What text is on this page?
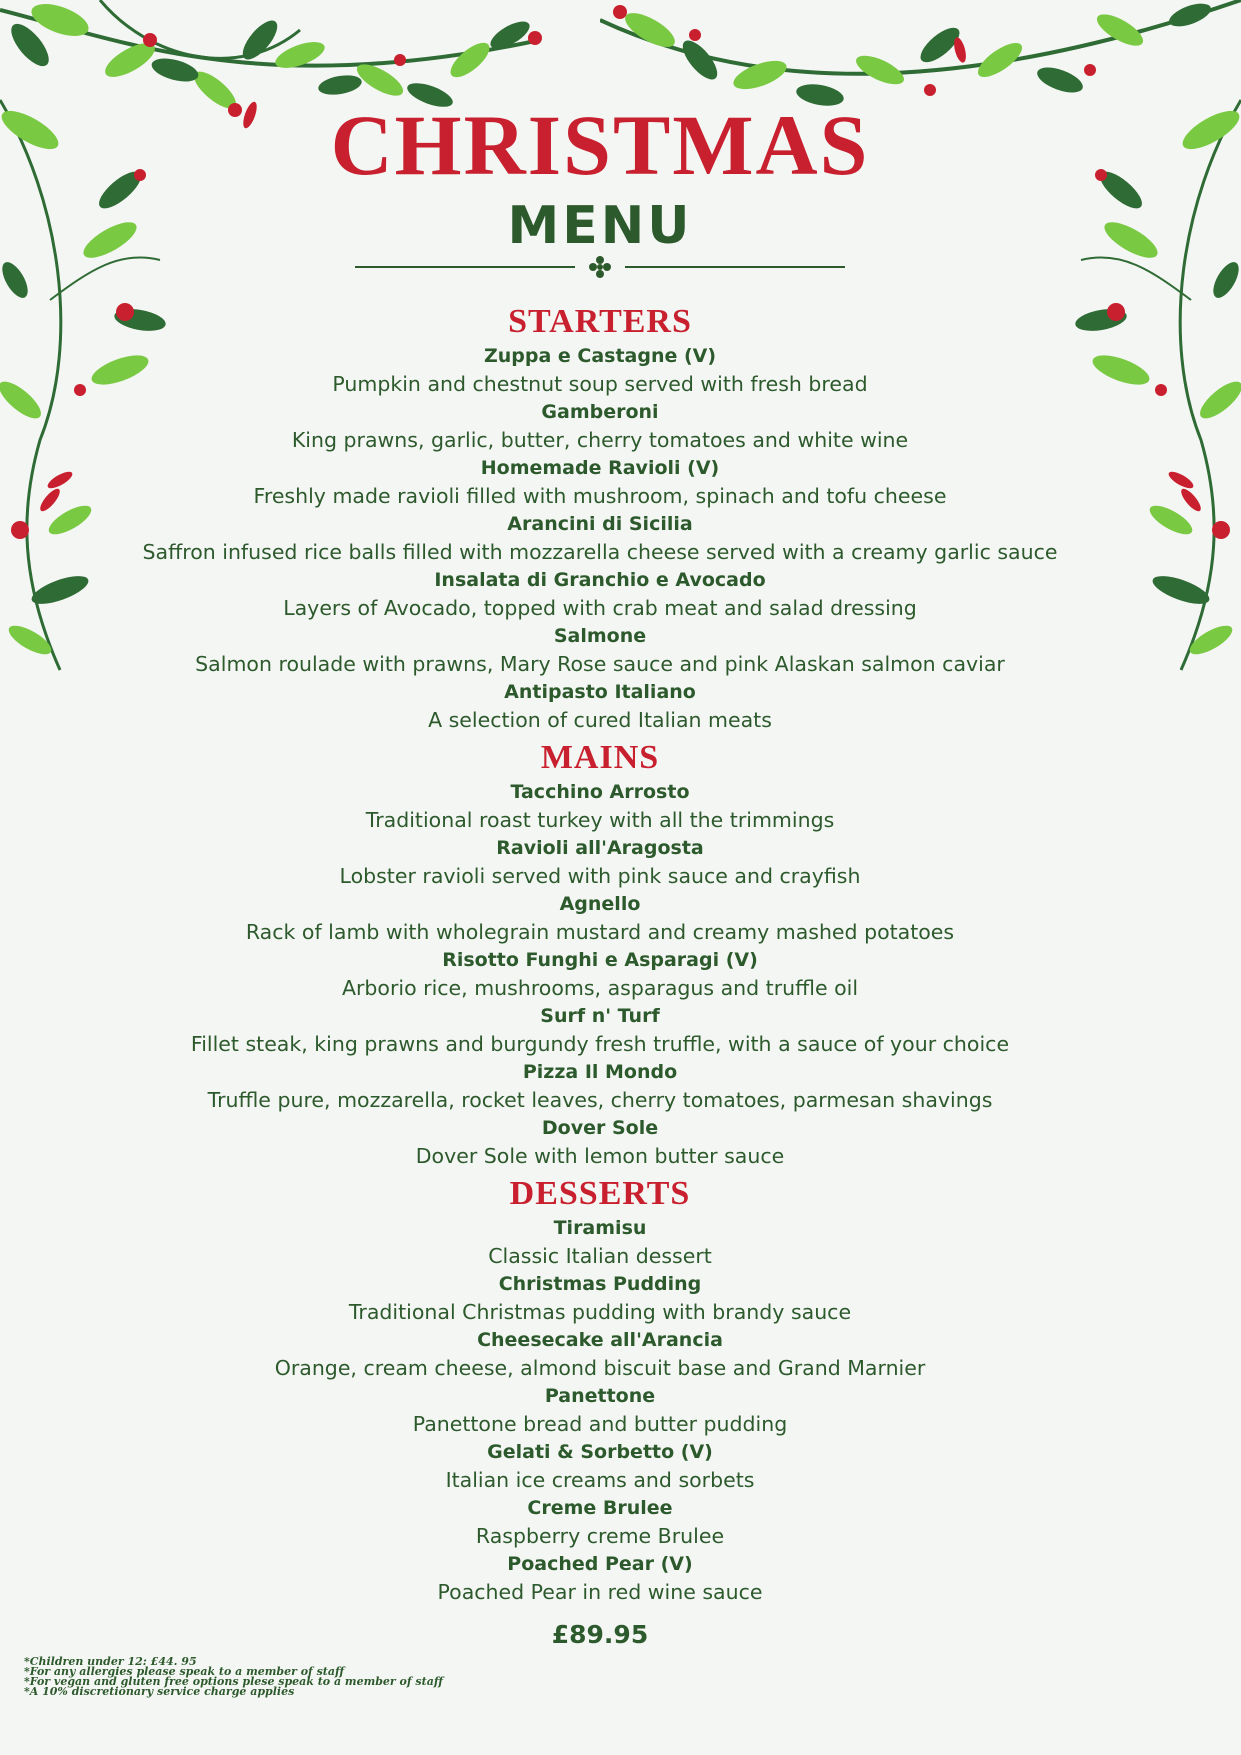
CHRISTMAS
MENU
STARTERS
Zuppa e Castagne (V)
Pumpkin and chestnut soup served with fresh bread
Gamberoni
King prawns, garlic, butter, cherry tomatoes and white wine
Homemade Ravioli (V)
Freshly made ravioli filled with mushroom, spinach and tofu cheese
Arancini di Sicilia
Saffron infused rice balls filled with mozzarella cheese served with a creamy garlic sauce
Insalata di Granchio e Avocado
Layers of Avocado, topped with crab meat and salad dressing
Salmone
Salmon roulade with prawns, Mary Rose sauce and pink Alaskan salmon caviar
Antipasto Italiano
A selection of cured Italian meats
MAINS
Tacchino Arrosto
Traditional roast turkey with all the trimmings
Ravioli all'Aragosta
Lobster ravioli served with pink sauce and crayfish
Agnello
Rack of lamb with wholegrain mustard and creamy mashed potatoes
Risotto Funghi e Asparagi (V)
Arborio rice, mushrooms, asparagus and truffle oil
Surf n' Turf
Fillet steak, king prawns and burgundy fresh truffle, with a sauce of your choice
Pizza Il Mondo
Truffle pure, mozzarella, rocket leaves, cherry tomatoes, parmesan shavings
Dover Sole
Dover Sole with lemon butter sauce
DESSERTS
Tiramisu
Classic Italian dessert
Christmas Pudding
Traditional Christmas pudding with brandy sauce
Cheesecake all'Arancia
Orange, cream cheese, almond biscuit base and Grand Marnier
Panettone
Panettone bread and butter pudding
Gelati & Sorbetto (V)
Italian ice creams and sorbets
Creme Brulee
Raspberry creme Brulee
Poached Pear (V)
Poached Pear in red wine sauce
£89.95
*Children under 12: £44. 95
*For any allergies please speak to a member of staff
*For vegan and gluten free options plese speak to a member of staff
*A 10% discretionary service charge applies
